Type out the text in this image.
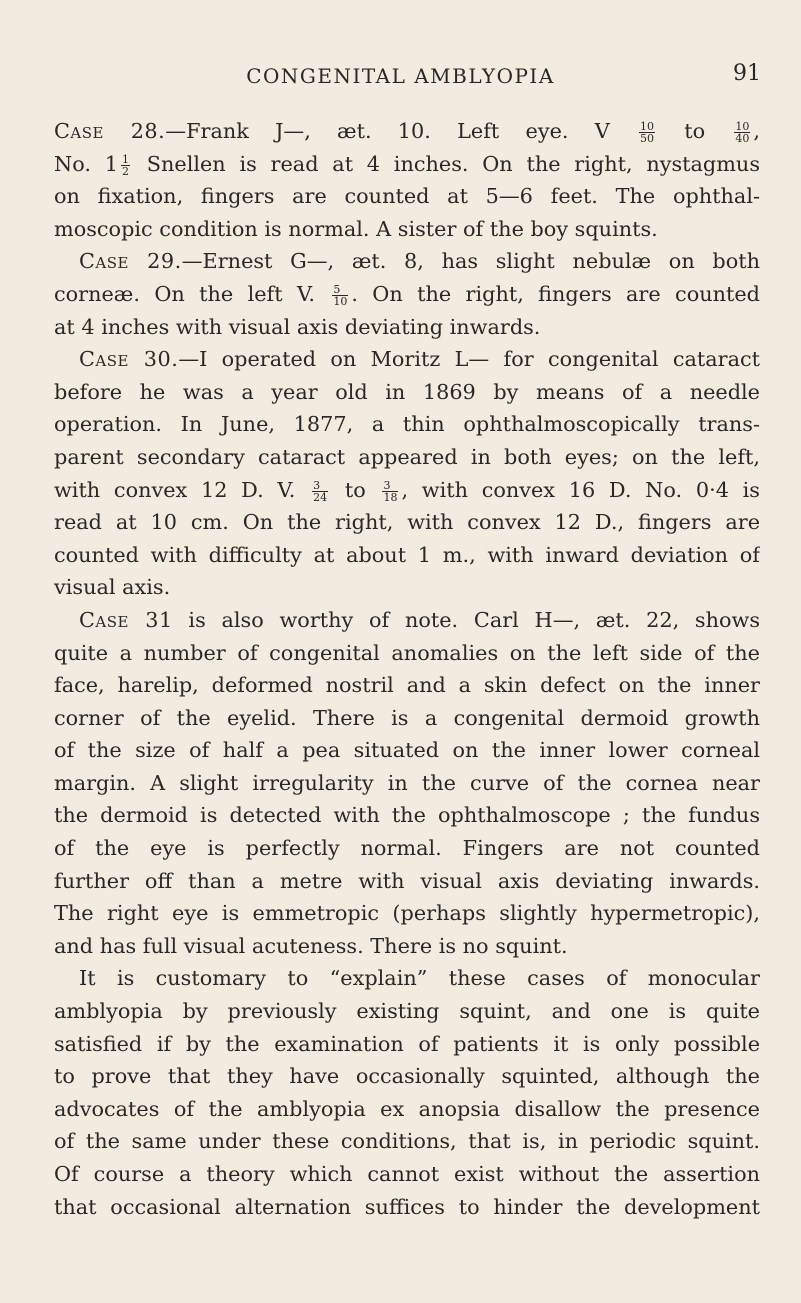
CONGENITAL AMBLYOPIA	91
Case 28.—Frank J—, æt. 10. Left eye. V	$\frac{10}{50}$ to	$\frac{10}{40}$ ,
No. $1 \frac{1}{2}$ Snellen is read at 4 inches. On the right, nystagmus
on fixation, fingers are counted at 5—6 feet. The ophthal-
moscopic condition is normal. A sister of the boy squints.
Case 29.—Ernest G—, æt. 8, has slight nebulæ on both
corneæ. On the left V. $\frac{5}{10}$ . On the right, fingers are counted
at 4 inches with visual axis deviating inwards.
Case 30.—I operated on Moritz L— for congenital cataract
before he was a year old in 1869 by means of a needle
operation. In June, 1877, a thin ophthalmoscopically trans-
parent secondary cataract appeared in both eyes; on the left,
with convex 12 D. V. $\frac{3}{24}$ to $\frac{3}{18}$ , with convex 16 D. No. 0·4 is
read at 10 cm. On the right, with convex 12 D., fingers are
counted with difficulty at about 1 m., with inward deviation of
visual axis.
Case 31 is also worthy of note. Carl H—, æt. 22, shows
quite a number of congenital anomalies on the left side of the
face, harelip, deformed nostril and a skin defect on the inner
corner of the eyelid. There is a congenital dermoid growth
of the size of half a pea situated on the inner lower corneal
margin. A slight irregularity in the curve of the cornea near
the dermoid is detected with the ophthalmoscope ; the fundus
of the eye is perfectly normal. Fingers are not counted
further off than a metre with visual axis deviating inwards.
The right eye is emmetropic (perhaps slightly hypermetropic),
and has full visual acuteness. There is no squint.
It is customary to “explain” these cases of monocular
amblyopia by previously existing squint, and one is quite
satisfied if by the examination of patients it is only possible
to prove that they have occasionally squinted, although the
advocates of the amblyopia ex anopsia disallow the presence
of the same under these conditions, that is, in periodic squint.
Of course a theory which cannot exist without the assertion
that occasional alternation suffices to hinder the development
